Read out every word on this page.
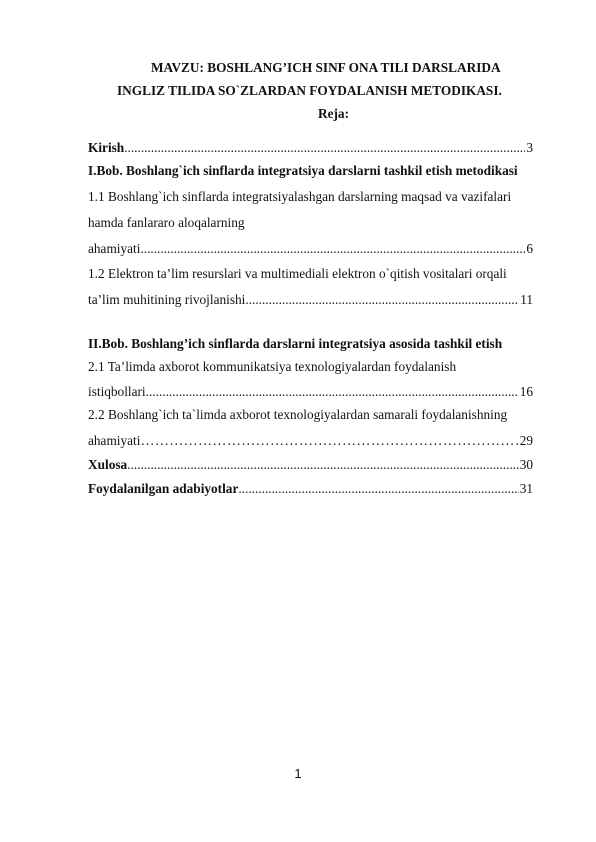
MAVZU: BOSHLANG’ICH SINF ONA TILI DARSLARIDA
INGLIZ TILIDA SO`ZLARDAN FOYDALANISH METODIKASI.
Reja:
Kirish .....	3
I.Bob. Boshlang`ich sinflarda integratsiya darslarni tashkil etish metodikasi
1.1 Boshlang`ich sinflarda integratsiyalashgan darslarning maqsad va vazifalari
hamda fanlararo aloqalarning
ahamiyati .....	6
1.2 Elektron ta’lim resurslari va multimediali elektron o`qitish vositalari orqali
ta’lim muhitining rivojlanishi .....	11
II.Bob. Boshlang’ich sinflarda darslarni integratsiya asosida tashkil etish
2.1 Ta’limda axborot kommunikatsiya texnologiyalardan foydalanish
istiqbollari .....	16
2.2 Boshlang`ich ta`limda axborot texnologiyalardan samarali foydalanishning
ahamiyati ………………………………………………………………………………………………………………………………………………	29
Xulosa .....	30
Foydalanilgan adabiyotlar .....	31
1
